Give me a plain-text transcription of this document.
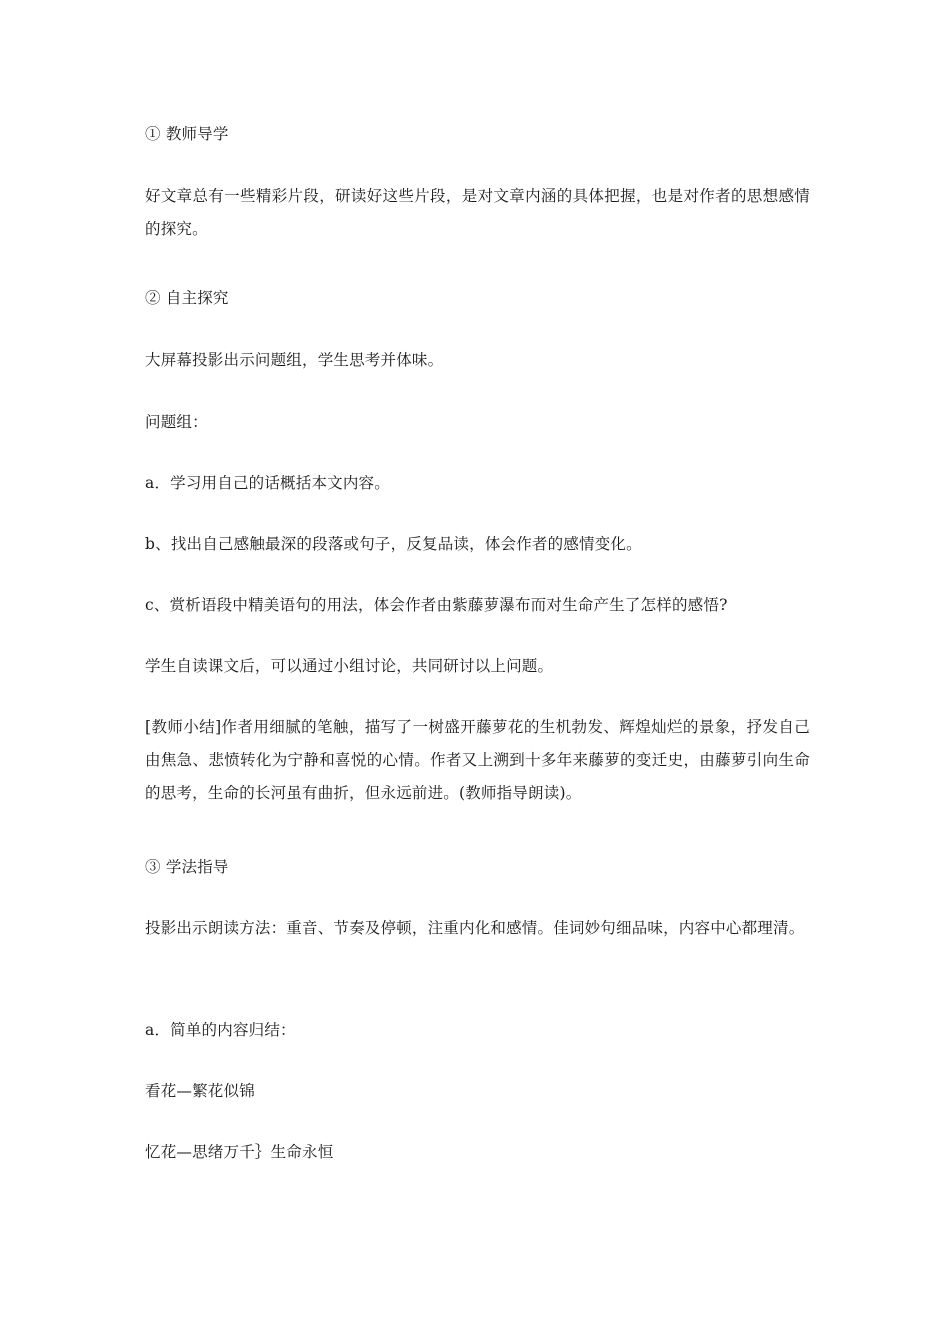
① 教师导学

好文章总有一些精彩片段，研读好这些片段，是对文章内涵的具体把握，也是对作者的思想感情的探究。

② 自主探究

大屏幕投影出示问题组，学生思考并体味。

问题组：

a．学习用自己的话概括本文内容。

b、找出自己感触最深的段落或句子，反复品读，体会作者的感情变化。

c、赏析语段中精美语句的用法，体会作者由紫藤萝瀑布而对生命产生了怎样的感悟?

学生自读课文后，可以通过小组讨论，共同研讨以上问题。

[教师小结]作者用细腻的笔触，描写了一树盛开藤萝花的生机勃发、辉煌灿烂的景象，抒发自己由焦急、悲愤转化为宁静和喜悦的心情。作者又上溯到十多年来藤萝的变迁史，由藤萝引向生命的思考，生命的长河虽有曲折，但永远前进。(教师指导朗读)。

③ 学法指导

投影出示朗读方法：重音、节奏及停顿，注重内化和感情。佳词妙句细品味，内容中心都理清。

a．简单的内容归结：

看花—繁花似锦

忆花—思绪万千｝生命永恒
